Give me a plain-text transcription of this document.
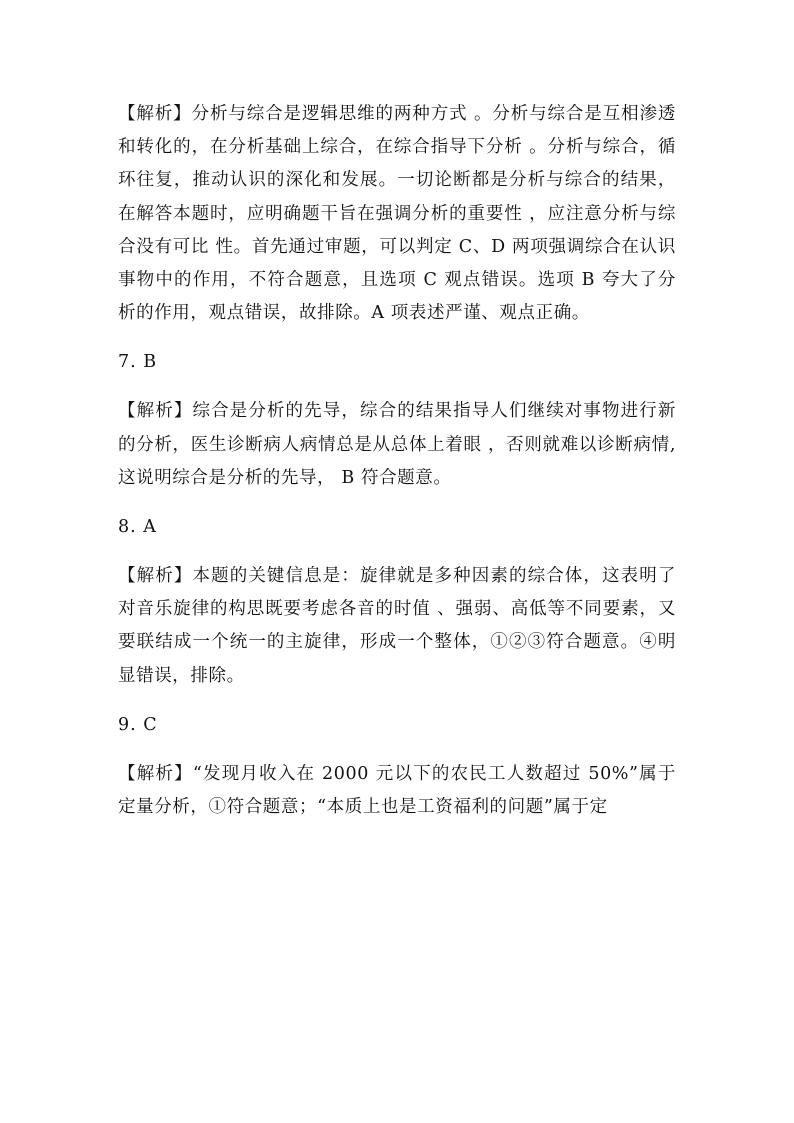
【解析】分析与综合是逻辑思维的两种方式 。分析与综合是互相渗透和转化的，在分析基础上综合，在综合指导下分析 。分析与综合，循环往复，推动认识的深化和发展。一切论断都是分析与综合的结果，在解答本题时，应明确题干旨在强调分析的重要性 ，应注意分析与综合没有可比 性。首先通过审题，可以判定 C、D 两项强调综合在认识事物中的作用，不符合题意，且选项 C 观点错误。选项 B 夸大了分析的作用，观点错误，故排除。A 项表述严谨、观点正确。

7. B

【解析】综合是分析的先导，综合的结果指导人们继续对事物进行新的分析，医生诊断病人病情总是从总体上着眼 ，否则就难以诊断病情,这说明综合是分析的先导， B 符合题意。

8. A

【解析】本题的关键信息是：旋律就是多种因素的综合体，这表明了对音乐旋律的构思既要考虑各音的时值 、强弱、高低等不同要素，又要联结成一个统一的主旋律，形成一个整体，①②③符合题意。④明显错误，排除。

9. C

【解析】“发现月收入在 2000 元以下的农民工人数超过 50%”属于定量分析，①符合题意；“本质上也是工资福利的问题”属于定
